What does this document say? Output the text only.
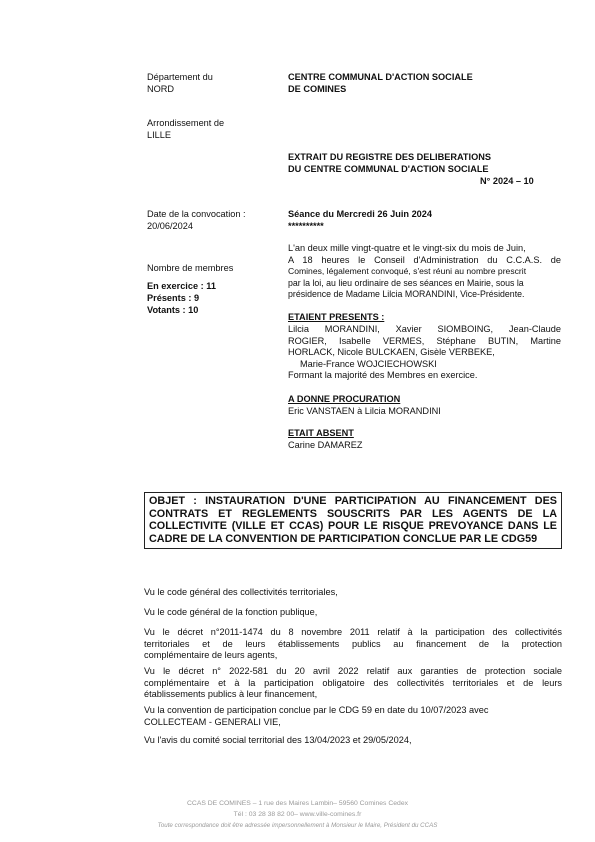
Département du
NORD
Arrondissement de
LILLE
CENTRE COMMUNAL D'ACTION SOCIALE
DE COMINES
EXTRAIT DU REGISTRE DES DELIBERATIONS
DU CENTRE COMMUNAL D'ACTION SOCIALE
N° 2024 – 10
Date de la convocation :
20/06/2024
Séance du Mercredi 26 Juin 2024
**********
L'an deux mille vingt-quatre et le vingt-six du mois de Juin,
A 18 heures le Conseil d'Administration du C.C.A.S. de
Comines, légalement convoqué, s'est réuni au nombre prescrit
par la loi, au lieu ordinaire de ses séances en Mairie, sous la
présidence de Madame Lilcia MORANDINI, Vice-Présidente.
Nombre de membres
En exercice : 11
Présents : 9
Votants : 10
ETAIENT PRESENTS :
Lilcia MORANDINI, Xavier SIOMBOING, Jean-Claude
ROGIER, Isabelle VERMES, Stéphane BUTIN, Martine
HORLACK, Nicole BULCKAEN, Gisèle VERBEKE,
Marie-France WOJCIECHOWSKI
Formant la majorité des Membres en exercice.
A DONNE PROCURATION
Eric VANSTAEN à Lilcia MORANDINI
ETAIT ABSENT
Carine DAMAREZ
OBJET : INSTAURATION D'UNE PARTICIPATION AU FINANCEMENT DES CONTRATS ET REGLEMENTS SOUSCRITS PAR LES AGENTS DE LA COLLECTIVITE (VILLE ET CCAS) POUR LE RISQUE PREVOYANCE DANS LE CADRE DE LA CONVENTION DE PARTICIPATION CONCLUE PAR LE CDG59
Vu le code général des collectivités territoriales,
Vu le code général de la fonction publique,
Vu le décret n°2011-1474 du 8 novembre 2011 relatif à la participation des collectivités
territoriales et de leurs établissements publics au financement de la protection
complémentaire de leurs agents,
Vu le décret n° 2022-581 du 20 avril 2022 relatif aux garanties de protection sociale
complémentaire et à la participation obligatoire des collectivités territoriales et de leurs
établissements publics à leur financement,
Vu la convention de participation conclue par le CDG 59 en date du 10/07/2023 avec
COLLECTEAM - GENERALI VIE,
Vu l'avis du comité social territorial des 13/04/2023 et 29/05/2024,
CCAS DE COMINES – 1 rue des Maires Lambin– 59560 Comines Cedex
Tél : 03 28 38 82 00– www.ville-comines.fr
Toute correspondance doit être adressée impersonnellement à Monsieur le Maire, Président du CCAS
